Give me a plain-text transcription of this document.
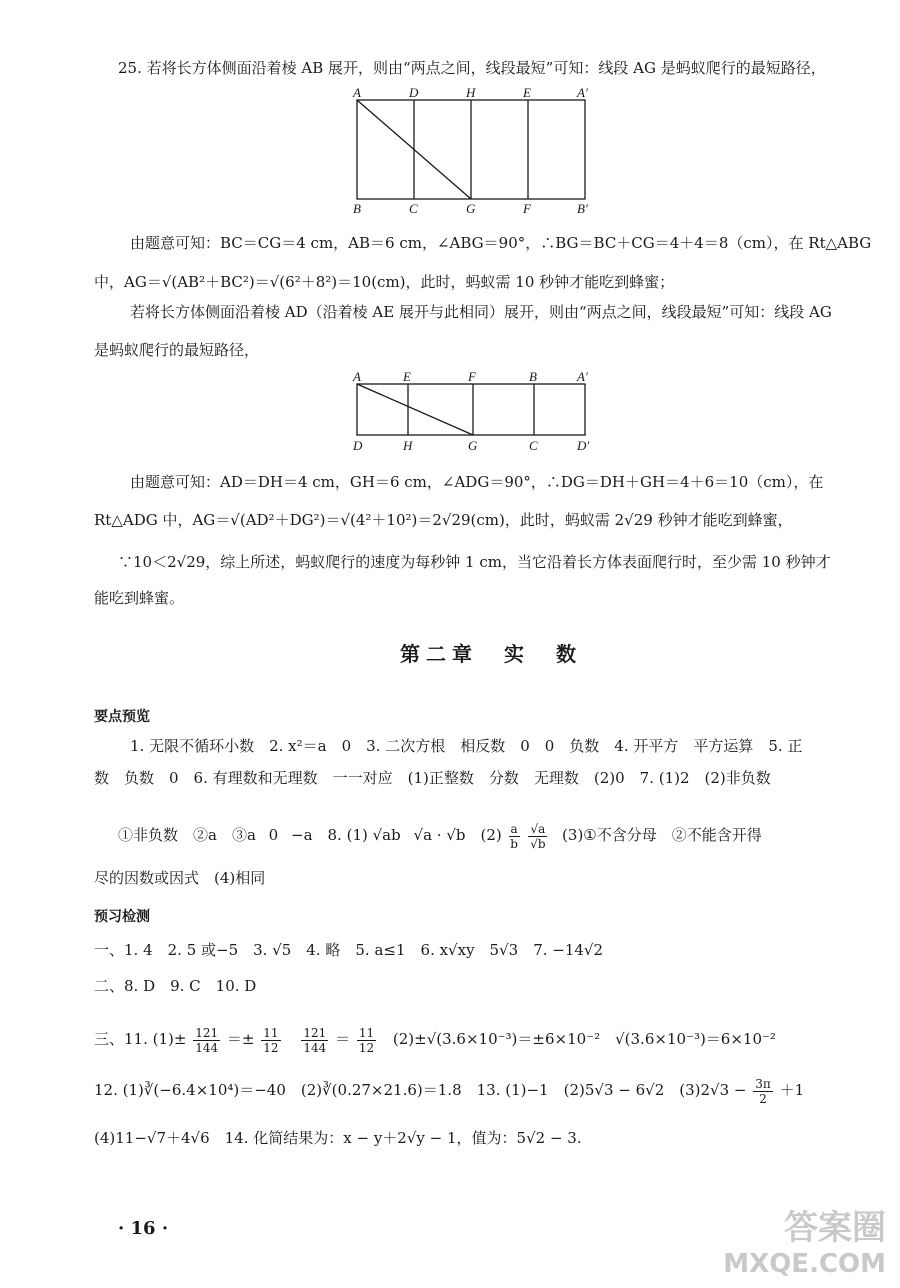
25. 若将长方体侧面沿着棱 AB 展开，则由“两点之间，线段最短”可知：线段 AG 是蚂蚁爬行的最短路径，
A	D	H	E	A′
B	C	G	F	B′
由题意可知：BC＝CG＝4 cm，AB＝6 cm，∠ABG＝90°，∴BG＝BC＋CG＝4＋4＝8（cm），在 Rt△ABG
中，AG＝√(AB²＋BC²)＝√(6²＋8²)＝10(cm)，此时，蚂蚁需 10 秒钟才能吃到蜂蜜；
若将长方体侧面沿着棱 AD（沿着棱 AE 展开与此相同）展开，则由“两点之间，线段最短”可知：线段 AG
是蚂蚁爬行的最短路径，
A	E	F	B	A′
D	H	G	C	D′
由题意可知：AD＝DH＝4 cm，GH＝6 cm，∠ADG＝90°，∴DG＝DH＋GH＝4＋6＝10（cm），在
Rt△ADG 中，AG＝√(AD²＋DG²)＝√(4²＋10²)＝2√29(cm)，此时，蚂蚁需 2√29 秒钟才能吃到蜂蜜，
∵10＜2√29，综上所述，蚂蚁爬行的速度为每秒钟 1 cm，当它沿着长方体表面爬行时，至少需 10 秒钟才
能吃到蜂蜜。
第二章　实　数
要点预览
1. 无限不循环小数　2. x²＝a　0　3. 二次方根　相反数　0　0　负数　4. 开平方　平方运算　5. 正
数　负数　0　6. 有理数和无理数　一一对应　(1)正整数　分数　无理数　(2)0　7. (1)2　(2)非负数
①非负数　②a　③a 0 −a　8. (1) √ab √a · √b　$(2) \frac{a}{b}$
$\frac{√a}{√b}$ (3)①不含分母　②不能含开得
尽的因数或因式　(4)相同
预习检测
一、1. 4　2. 5 或−5　3. √5　4. 略　5. a≤1　6. x√xy　5√3　7. −14√2
二、8. D　9. C　10. D
三、11. $(1)\pm \frac{121}{144} =\pm \frac{11}{12}$
$\frac{121}{144} = \frac{11}{12} (2)\pm√(3.6\times 10^{-3})=\pm 6\times 10^{-2}$　√(3.6×10⁻³)＝6×10⁻²
12. (1)∛(−6.4×10⁴)＝−40　(2)∛(0.27×21.6)＝1.8　13. (1)−1　(2)5√3 − 6√2　$(3)2√3 - \frac{3\pi}{2} +1$
(4)11−√7＋4√6　14. 化简结果为：x − y＋2√y − 1，值为：5√2 − 3.
· 16 ·	答案圈
MXQE.COM
